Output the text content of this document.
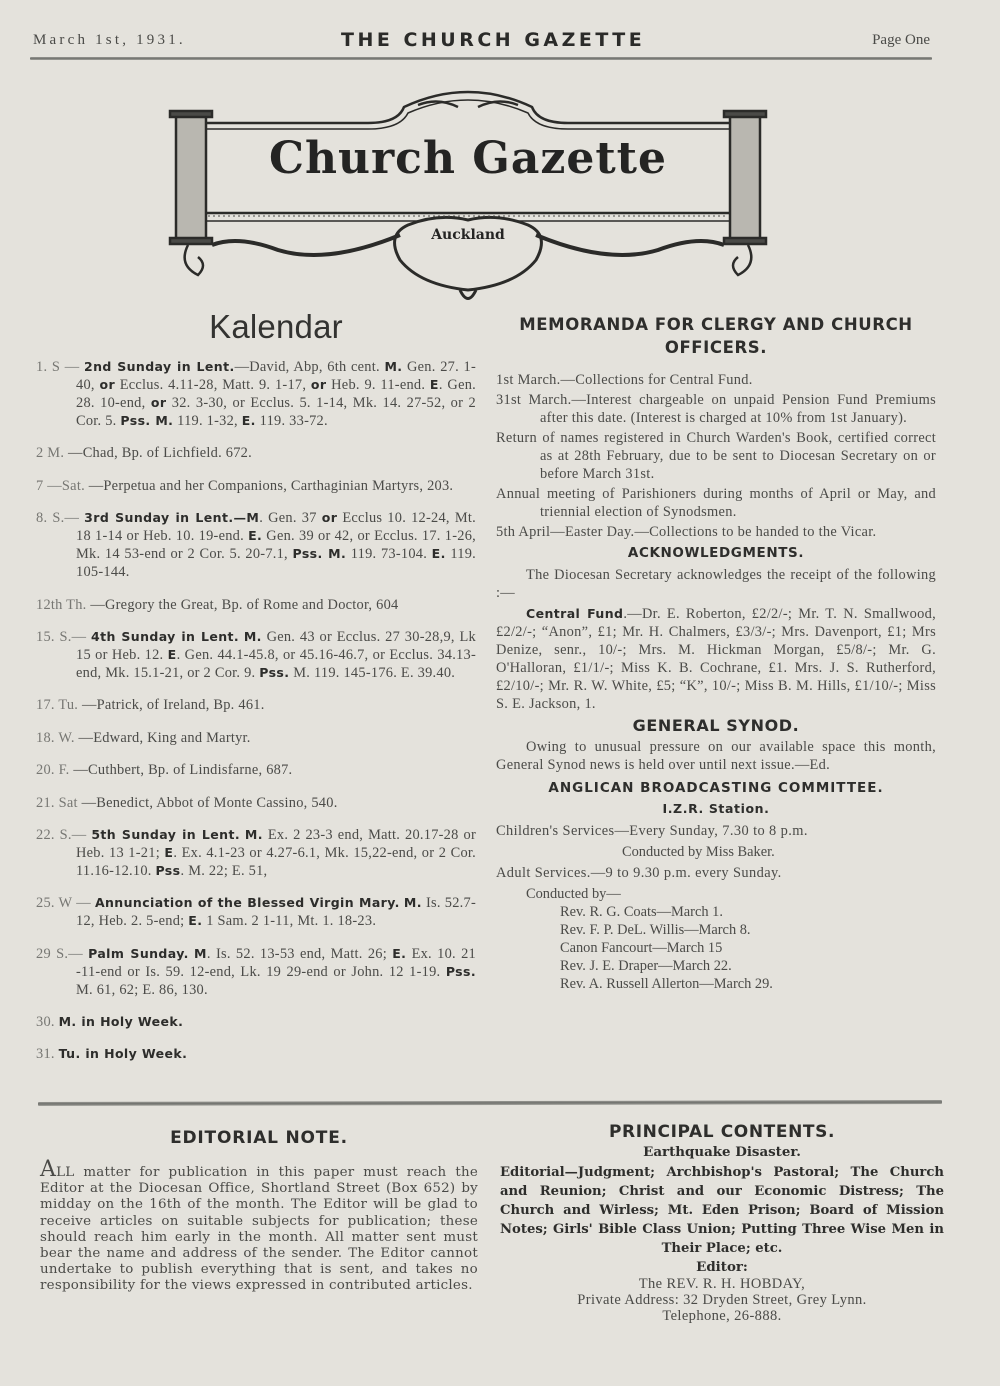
March 1st, 1931.	THE CHURCH GAZETTE	Page One
Church Gazette
Auckland
Kalendar

1. S — 2nd Sunday in Lent.—David, Abp, 6th cent. M. Gen. 27. 1-40, or Ecclus. 4.11-28, Matt. 9. 1-17, or Heb. 9. 11-end. E. Gen. 28. 10-end, or 32. 3-30, or Ecclus. 5. 1-14, Mk. 14. 27-52, or 2 Cor. 5. Pss. M. 119. 1-32, E. 119. 33-72.

2 M. —Chad, Bp. of Lichfield. 672.

7 —Sat. —Perpetua and her Companions, Carthaginian Martyrs, 203.

8. S.— 3rd Sunday in Lent.—M. Gen. 37 or Ecclus 10. 12-24, Mt. 18 1-14 or Heb. 10. 19-end. E. Gen. 39 or 42, or Ecclus. 17. 1-26, Mk. 14 53-end or 2 Cor. 5. 20-7.1, Pss. M. 119. 73-104. E. 119. 105-144.

12th Th. —Gregory the Great, Bp. of Rome and Doctor, 604

15. S.— 4th Sunday in Lent. M. Gen. 43 or Ecclus. 27 30-28,9, Lk 15 or Heb. 12. E. Gen. 44.1-45.8, or 45.16-46.7, or Ecclus. 34.13-end, Mk. 15.1-21, or 2 Cor. 9. Pss. M. 119. 145-176. E. 39.40.

17. Tu. —Patrick, of Ireland, Bp. 461.

18. W. —Edward, King and Martyr.

20. F. —Cuthbert, Bp. of Lindisfarne, 687.

21. Sat —Benedict, Abbot of Monte Cassino, 540.

22. S.— 5th Sunday in Lent. M. Ex. 2 23-3 end, Matt. 20.17-28 or Heb. 13 1-21; E. Ex. 4.1-23 or 4.27-6.1, Mk. 15,22-end, or 2 Cor. 11.16-12.10. Pss. M. 22; E. 51,

25. W — Annunciation of the Blessed Virgin Mary. M. Is. 52.7-12, Heb. 2. 5-end; E. 1 Sam. 2 1-11, Mt. 1. 18-23.

29 S.— Palm Sunday. M. Is. 52. 13-53 end, Matt. 26; E. Ex. 10. 21 -11-end or Is. 59. 12-end, Lk. 19 29-end or John. 12 1-19. Pss. M. 61, 62; E. 86, 130.

30. M. in Holy Week.

31. Tu. in Holy Week.

MEMORANDA FOR CLERGY AND CHURCH OFFICERS.

1st March.—Collections for Central Fund.

31st March.—Interest chargeable on unpaid Pension Fund Premiums after this date. (Interest is charged at 10% from 1st January).

Return of names registered in Church Warden's Book, certified correct as at 28th February, due to be sent to Diocesan Secretary on or before March 31st.

Annual meeting of Parishioners during months of April or May, and triennial election of Synodsmen.

5th April—Easter Day.—Collections to be handed to the Vicar.

ACKNOWLEDGMENTS.

The Diocesan Secretary acknowledges the receipt of the following :—

Central Fund.—Dr. E. Roberton, £2/2/-; Mr. T. N. Smallwood, £2/2/-; “Anon”, £1; Mr. H. Chalmers, £3/3/-; Mrs. Davenport, £1; Mrs Denize, senr., 10/-; Mrs. M. Hickman Morgan, £5/8/-; Mr. G. O'Halloran, £1/1/-; Miss K. B. Cochrane, £1. Mrs. J. S. Rutherford, £2/10/-; Mr. R. W. White, £5; “K”, 10/-; Miss B. M. Hills, £1/10/-; Miss S. E. Jackson, 1.

GENERAL SYNOD.

Owing to unusual pressure on our available space this month, General Synod news is held over until next issue.—Ed.

ANGLICAN BROADCASTING COMMITTEE.
I.Z.R. Station.

Children's Services—Every Sunday, 7.30 to 8 p.m.

Conducted by Miss Baker.

Adult Services.—9 to 9.30 p.m. every Sunday.

Conducted by—

Rev. R. G. Coats—March 1.

Rev. F. P. DeL. Willis—March 8.

Canon Fancourt—March 15

Rev. J. E. Draper—March 22.

Rev. A. Russell Allerton—March 29.

EDITORIAL NOTE.

ALL matter for publication in this paper must reach the Editor at the Diocesan Office, Shortland Street (Box 652) by midday on the 16th of the month. The Editor will be glad to receive articles on suitable subjects for publication; these should reach him early in the month. All matter sent must bear the name and address of the sender. The Editor cannot undertake to publish everything that is sent, and takes no responsibility for the views expressed in contributed articles.

PRINCIPAL CONTENTS.

Earthquake Disaster.

Editorial—Judgment; Archbishop's Pastoral; The Church and Reunion; Christ and our Economic Distress; The Church and Wirless; Mt. Eden Prison; Board of Mission Notes; Girls' Bible Class Union; Putting Three Wise Men in Their Place; etc.

Editor:

The REV. R. H. HOBDAY,

Private Address: 32 Dryden Street, Grey Lynn.

Telephone, 26-888.
